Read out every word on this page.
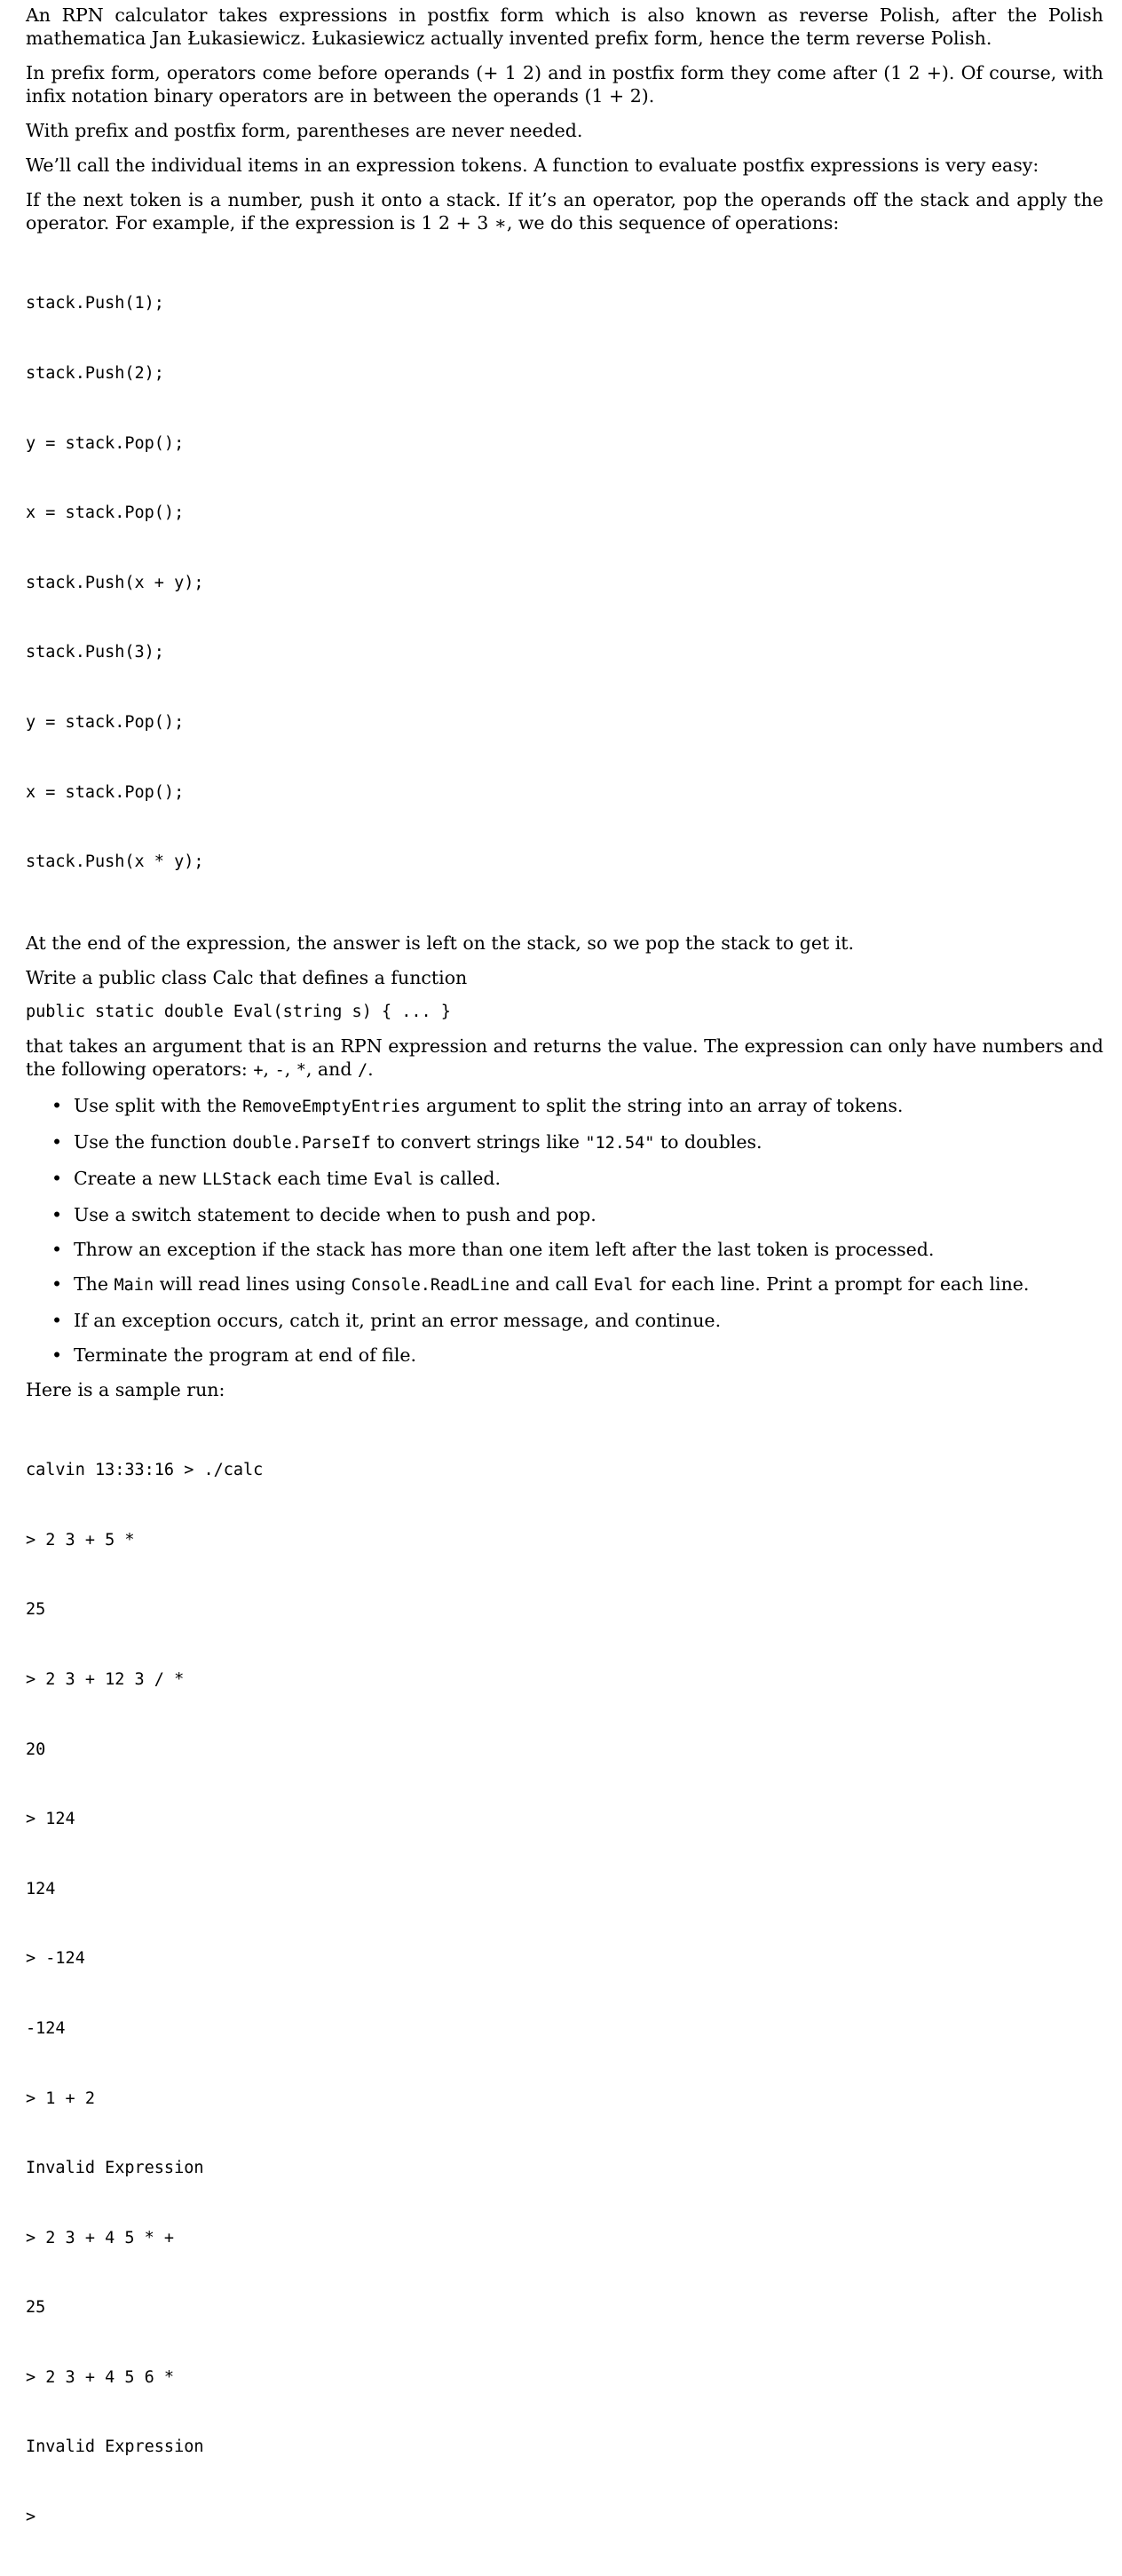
An RPN calculator takes expressions in postfix form which is also known as reverse Polish, after the Polish mathematica Jan Łukasiewicz. Łukasiewicz actually invented prefix form, hence the term reverse Polish.

In prefix form, operators come before operands (+ 1 2) and in postfix form they come after (1 2 +). Of course, with infix notation binary operators are in between the operands (1 + 2).

With prefix and postfix form, parentheses are never needed.

We’ll call the individual items in an expression tokens. A function to evaluate postfix expressions is very easy:

If the next token is a number, push it onto a stack. If it’s an operator, pop the operands off the stack and apply the operator. For example, if the expression is 1 2 + 3 ∗, we do this sequence of operations:

stack.Push(1);

stack.Push(2);

y = stack.Pop();

x = stack.Pop();

stack.Push(x + y);

stack.Push(3);

y = stack.Pop();

x = stack.Pop();

stack.Push(x * y);

At the end of the expression, the answer is left on the stack, so we pop the stack to get it.

Write a public class Calc that defines a function

public static double Eval(string s) { ... }

that takes an argument that is an RPN expression and returns the value. The expression can only have numbers and the following operators: +, -, *, and /.

• Use split with the RemoveEmptyEntries argument to split the string into an array of tokens.
• Use the function double.ParseIf to convert strings like "12.54" to doubles.
• Create a new LLStack each time Eval is called.
• Use a switch statement to decide when to push and pop.
• Throw an exception if the stack has more than one item left after the last token is processed.
• The Main will read lines using Console.ReadLine and call Eval for each line. Print a prompt for each line.
• If an exception occurs, catch it, print an error message, and continue.
• Terminate the program at end of file.

Here is a sample run:

calvin 13:33:16 > ./calc

> 2 3 + 5 *

25

> 2 3 + 12 3 / *

20

> 124

124

> -124

-124

> 1 + 2

Invalid Expression

> 2 3 + 4 5 * +

25

> 2 3 + 4 5 6 *

Invalid Expression

>
